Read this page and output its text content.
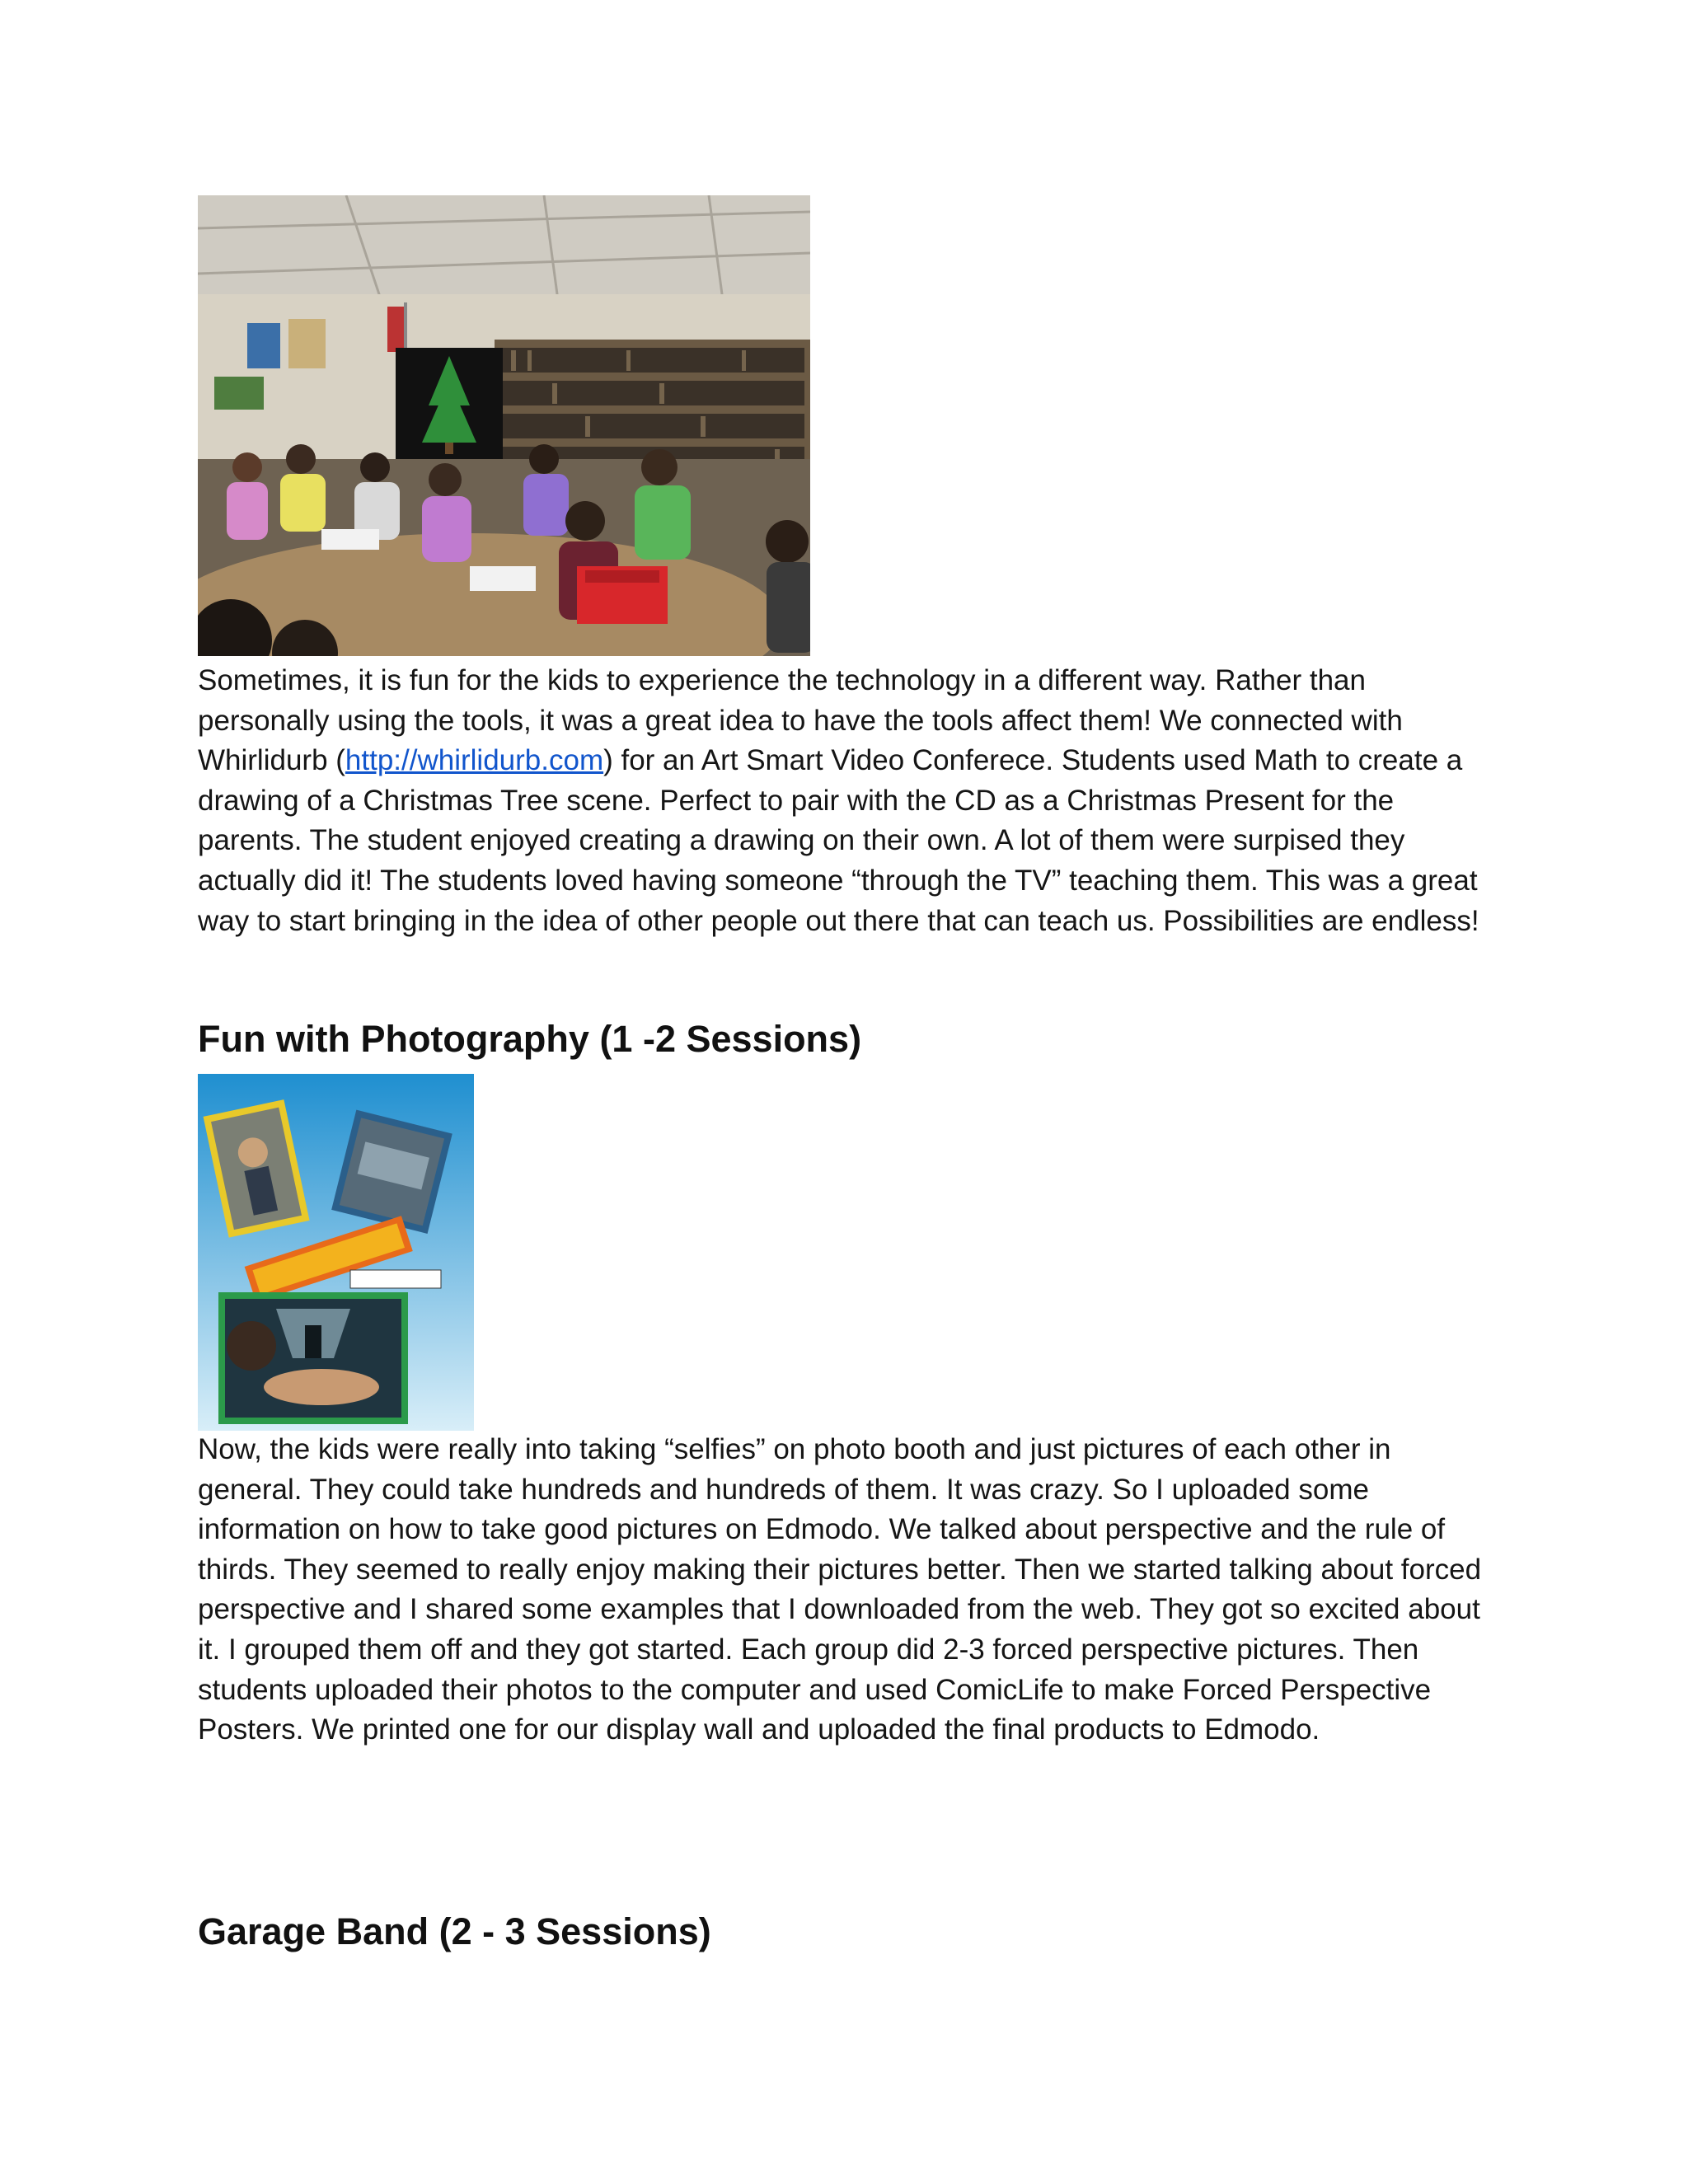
Sometimes, it is fun for the kids to experience the technology in a different way. Rather than personally using the tools, it was a great idea to have the tools affect them! We connected with Whirlidurb (http://whirlidurb.com) for an Art Smart Video Conferece. Students used Math to create a drawing of a Christmas Tree scene. Perfect to pair with the CD as a Christmas Present for the parents. The student enjoyed creating a drawing on their own. A lot of them were surpised they actually did it! The students loved having someone “through the TV” teaching them. This was a great way to start bringing in the idea of other people out there that can teach us. Possibilities are endless!

Fun with Photography (1 -2 Sessions)

Now, the kids were really into taking “selfies” on photo booth and just pictures of each other in general. They could take hundreds and hundreds of them. It was crazy. So I uploaded some information on how to take good pictures on Edmodo. We talked about perspective and the rule of thirds. They seemed to really enjoy making their pictures better. Then we started talking about forced perspective and I shared some examples that I downloaded from the web. They got so excited about it. I grouped them off and they got started. Each group did 2-3 forced perspective pictures. Then students uploaded their photos to the computer and used ComicLife to make Forced Perspective Posters. We printed one for our display wall and uploaded the final products to Edmodo.

Garage Band (2 - 3 Sessions)
